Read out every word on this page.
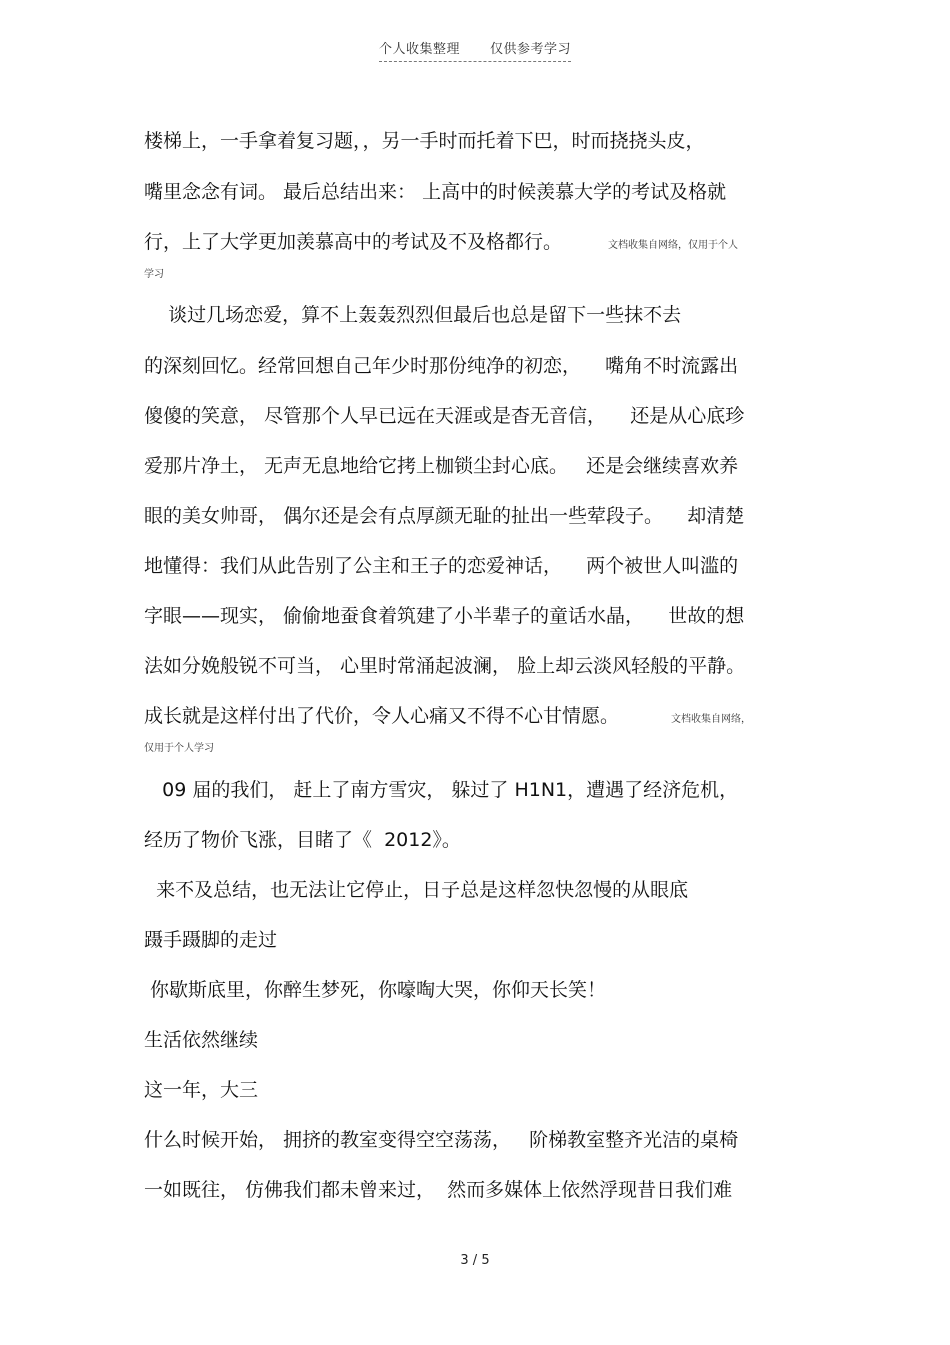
个人收集整理 仅供参考学习
楼梯上，一手拿着复习题，，另一手时而托着下巴，时而挠挠头皮，
嘴里念念有词。 最后总结出来： 上高中的时候羡慕大学的考试及格就
行，上了大学更加羡慕高中的考试及不及格都行。	文档收集自网络，仅用于个人
学习
谈过几场恋爱，算不上轰轰烈烈但最后也总是留下一些抹不去
的深刻回忆。经常回想自己年少时那份纯净的初恋，    嘴角不时流露出
傻傻的笑意， 尽管那个人早已远在天涯或是杳无音信，    还是从心底珍
爱那片净土， 无声无息地给它拷上枷锁尘封心底。   还是会继续喜欢养
眼的美女帅哥， 偶尔还是会有点厚颜无耻的扯出一些荤段子。    却清楚
地懂得：我们从此告别了公主和王子的恋爱神话，    两个被世人叫滥的
字眼——现实， 偷偷地蚕食着筑建了小半辈子的童话水晶，    世故的想
法如分娩般锐不可当， 心里时常涌起波澜， 脸上却云淡风轻般的平静。
成长就是这样付出了代价，令人心痛又不得不心甘情愿。	文档收集自网络，
仅用于个人学习
09 届的我们， 赶上了南方雪灾， 躲过了 H1N1，遭遇了经济危机，
经历了物价飞涨，目睹了《  2012》。
来不及总结，也无法让它停止，日子总是这样忽快忽慢的从眼底
蹑手蹑脚的走过
你歇斯底里，你醉生梦死，你嚎啕大哭，你仰天长笑！
生活依然继续
这一年，大三
什么时候开始， 拥挤的教室变得空空荡荡，   阶梯教室整齐光洁的桌椅
一如既往， 仿佛我们都未曾来过，  然而多媒体上依然浮现昔日我们难
3 / 5
